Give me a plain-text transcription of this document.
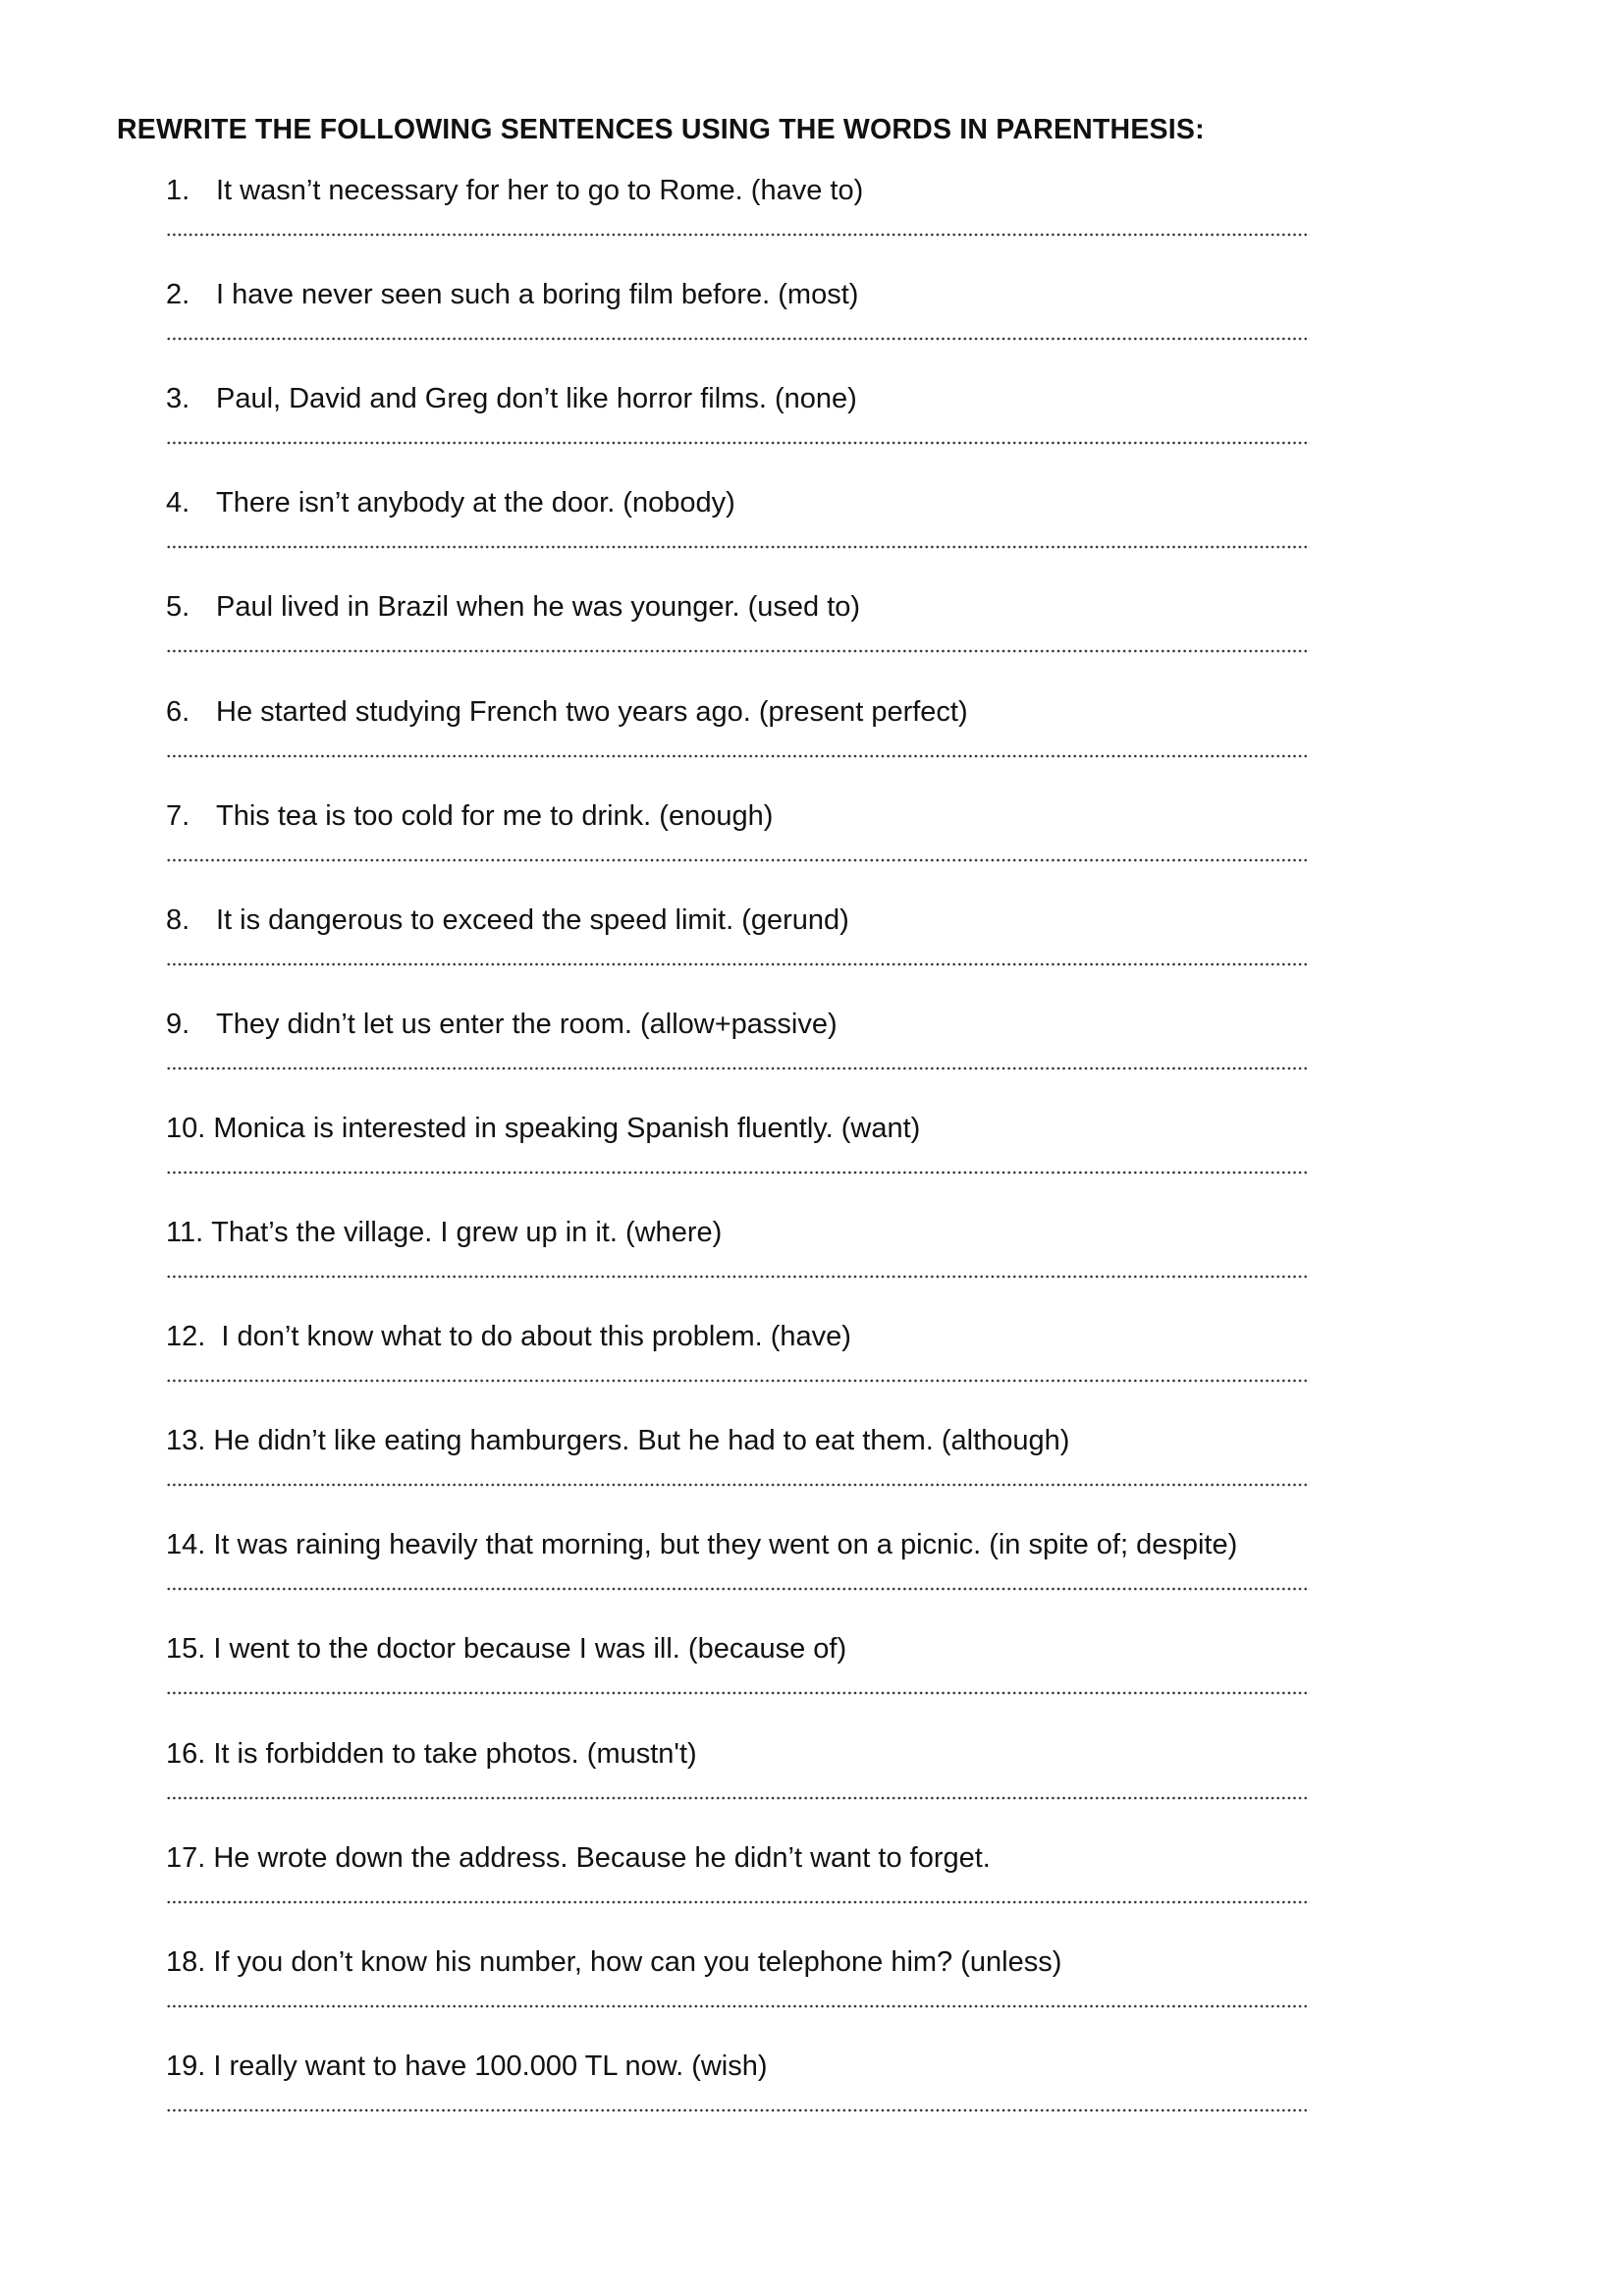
REWRITE THE FOLLOWING SENTENCES USING THE WORDS IN PARENTHESIS:
1. It wasn’t necessary for her to go to Rome. (have to)
2. I have never seen such a boring film before. (most)
3. Paul, David and Greg don’t like horror films. (none)
4. There isn’t anybody at the door. (nobody)
5. Paul lived in Brazil when he was younger. (used to)
6. He started studying French two years ago. (present perfect)
7. This tea is too cold for me to drink. (enough)
8. It is dangerous to exceed the speed limit. (gerund)
9. They didn’t let us enter the room. (allow+passive)
10. Monica is interested in speaking Spanish fluently. (want)
11. That’s the village. I grew up in it. (where)
12. I don’t know what to do about this problem. (have)
13. He didn’t like eating hamburgers. But he had to eat them. (although)
14. It was raining heavily that morning, but they went on a picnic. (in spite of; despite)
15. I went to the doctor because I was ill. (because of)
16. It is forbidden to take photos. (mustn't)
17. He wrote down the address. Because he didn’t want to forget.
18. If you don’t know his number, how can you telephone him? (unless)
19. I really want to have 100.000 TL now. (wish)
